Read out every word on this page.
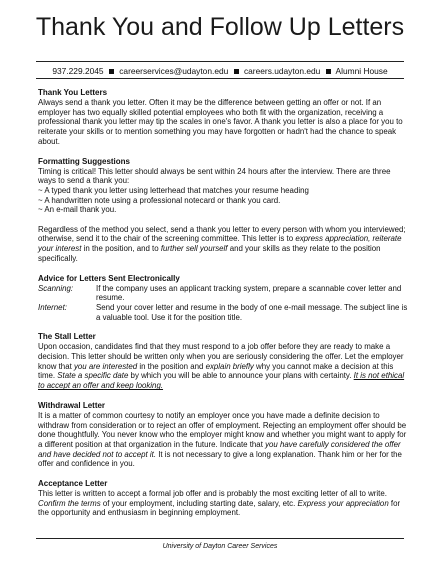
Thank You and Follow Up Letters
937.229.2045 careerservices@udayton.edu careers.udayton.edu Alumni House
Thank You Letters

Always send a thank you letter. Often it may be the difference between getting an offer or not. If an employer has two equally skilled potential employees who both fit with the organization, receiving a professional thank you letter may tip the scales in one's favor. A thank you letter is also a place for you to reiterate your skills or to mention something you may have forgotten or hadn't had the chance to speak about.

Formatting Suggestions

Timing is critical! This letter should always be sent within 24 hours after the interview. There are three ways to send a thank you:

~ A typed thank you letter using letterhead that matches your resume heading

~ A handwritten note using a professional notecard or thank you card.

~ An e-mail thank you.

Regardless of the method you select, send a thank you letter to every person with whom you interviewed; otherwise, send it to the chair of the screening committee. This letter is to express appreciation, reiterate your interest in the position, and to further sell yourself and your skills as they relate to the position specifically.

Advice for Letters Sent Electronically
Scanning:	If the company uses an applicant tracking system, prepare a scannable cover letter and resume.
Internet:	Send your cover letter and resume in the body of one e-mail message. The subject line is a valuable tool. Use it for the position title.
The Stall Letter

Upon occasion, candidates find that they must respond to a job offer before they are ready to make a decision. This letter should be written only when you are seriously considering the offer. Let the employer know that you are interested in the position and explain briefly why you cannot make a decision at this time. State a specific date by which you will be able to announce your plans with certainty. It is not ethical to accept an offer and keep looking.

Withdrawal Letter

It is a matter of common courtesy to notify an employer once you have made a definite decision to withdraw from consideration or to reject an offer of employment. Rejecting an employment offer should be done thoughtfully. You never know who the employer might know and whether you might want to apply for a different position at that organization in the future. Indicate that you have carefully considered the offer and have decided not to accept it. It is not necessary to give a long explanation. Thank him or her for the offer and confidence in you.

Acceptance Letter

This letter is written to accept a formal job offer and is probably the most exciting letter of all to write. Confirm the terms of your employment, including starting date, salary, etc. Express your appreciation for the opportunity and enthusiasm in beginning employment.

University of Dayton Career Services
